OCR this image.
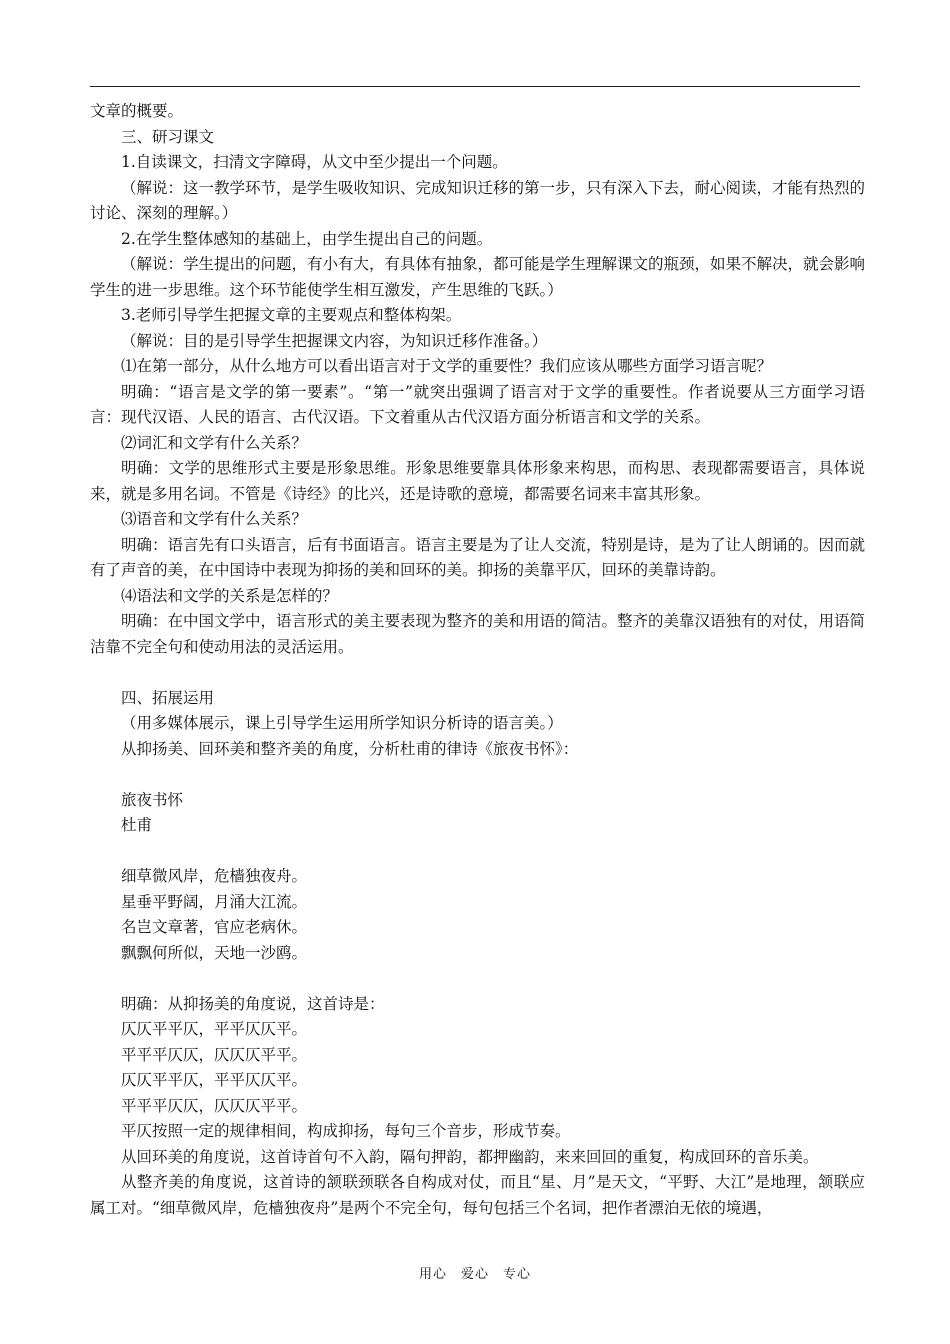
文章的概要。

三、研习课文

1.自读课文，扫清文字障碍，从文中至少提出一个问题。

（解说：这一教学环节，是学生吸收知识、完成知识迁移的第一步，只有深入下去，耐心阅读，才能有热烈的讨论、深刻的理解。）

2.在学生整体感知的基础上，由学生提出自己的问题。

（解说：学生提出的问题，有小有大，有具体有抽象，都可能是学生理解课文的瓶颈，如果不解决，就会影响学生的进一步思维。这个环节能使学生相互激发，产生思维的飞跃。）

3.老师引导学生把握文章的主要观点和整体构架。

（解说：目的是引导学生把握课文内容，为知识迁移作准备。）

⑴在第一部分，从什么地方可以看出语言对于文学的重要性？我们应该从哪些方面学习语言呢？

明确：“语言是文学的第一要素”。“第一”就突出强调了语言对于文学的重要性。作者说要从三方面学习语言：现代汉语、人民的语言、古代汉语。下文着重从古代汉语方面分析语言和文学的关系。

⑵词汇和文学有什么关系？

明确：文学的思维形式主要是形象思维。形象思维要靠具体形象来构思，而构思、表现都需要语言，具体说来，就是多用名词。不管是《诗经》的比兴，还是诗歌的意境，都需要名词来丰富其形象。

⑶语音和文学有什么关系？

明确：语言先有口头语言，后有书面语言。语言主要是为了让人交流，特别是诗，是为了让人朗诵的。因而就有了声音的美，在中国诗中表现为抑扬的美和回环的美。抑扬的美靠平仄，回环的美靠诗韵。

⑷语法和文学的关系是怎样的？

明确：在中国文学中，语言形式的美主要表现为整齐的美和用语的简洁。整齐的美靠汉语独有的对仗，用语简洁靠不完全句和使动用法的灵活运用。

四、拓展运用

（用多媒体展示，课上引导学生运用所学知识分析诗的语言美。）

从抑扬美、回环美和整齐美的角度，分析杜甫的律诗《旅夜书怀》：

旅夜书怀

杜甫

细草微风岸，危樯独夜舟。

星垂平野阔，月涌大江流。

名岂文章著，官应老病休。

飘飘何所似，天地一沙鸥。

明确：从抑扬美的角度说，这首诗是：

仄仄平平仄，平平仄仄平。

平平平仄仄，仄仄仄平平。

仄仄平平仄，平平仄仄平。

平平平仄仄，仄仄仄平平。

平仄按照一定的规律相间，构成抑扬，每句三个音步，形成节奏。

从回环美的角度说，这首诗首句不入韵，隔句押韵，都押幽韵，来来回回的重复，构成回环的音乐美。

从整齐美的角度说，这首诗的颔联颈联各自构成对仗，而且“星、月”是天文，“平野、大江”是地理，颔联应属工对。“细草微风岸，危樯独夜舟”是两个不完全句，每句包括三个名词，把作者漂泊无依的境遇，

用心　爱心　专心
